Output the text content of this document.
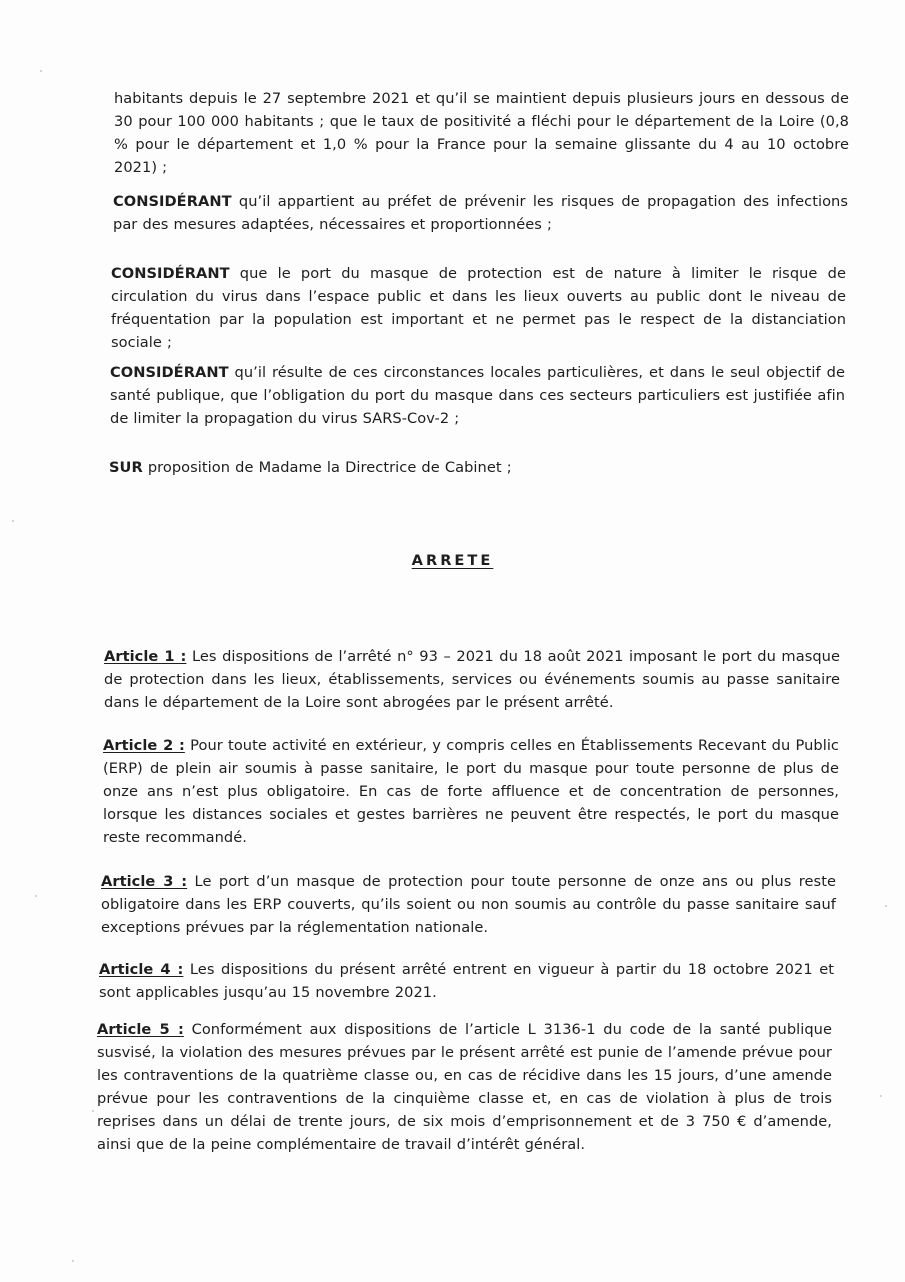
habitants depuis le 27 septembre 2021 et qu’il se maintient depuis plusieurs jours en dessous de 30 pour 100 000 habitants ; que le taux de positivité a fléchi pour le département de la Loire (0,8 % pour le département et 1,0 % pour la France pour la semaine glissante du 4 au 10 octobre 2021) ;

CONSIDÉRANT qu’il appartient au préfet de prévenir les risques de propagation des infections par des mesures adaptées, nécessaires et proportionnées ;

CONSIDÉRANT que le port du masque de protection est de nature à limiter le risque de circulation du virus dans l’espace public et dans les lieux ouverts au public dont le niveau de fréquentation par la population est important et ne permet pas le respect de la distanciation sociale ;

CONSIDÉRANT qu’il résulte de ces circonstances locales particulières, et dans le seul objectif de santé publique, que l’obligation du port du masque dans ces secteurs particuliers est justifiée afin de limiter la propagation du virus SARS-Cov-2 ;

SUR proposition de Madame la Directrice de Cabinet ;

ARRETE

Article 1 : Les dispositions de l’arrêté n° 93 – 2021 du 18 août 2021 imposant le port du masque de protection dans les lieux, établissements, services ou événements soumis au passe sanitaire dans le département de la Loire sont abrogées par le présent arrêté.

Article 2 : Pour toute activité en extérieur, y compris celles en Établissements Recevant du Public (ERP) de plein air soumis à passe sanitaire, le port du masque pour toute personne de plus de onze ans n’est plus obligatoire. En cas de forte affluence et de concentration de personnes, lorsque les distances sociales et gestes barrières ne peuvent être respectés, le port du masque reste recommandé.

Article 3 : Le port d’un masque de protection pour toute personne de onze ans ou plus reste obligatoire dans les ERP couverts, qu’ils soient ou non soumis au contrôle du passe sanitaire sauf exceptions prévues par la réglementation nationale.

Article 4 : Les dispositions du présent arrêté entrent en vigueur à partir du 18 octobre 2021 et sont applicables jusqu’au 15 novembre 2021.

Article 5 : Conformément aux dispositions de l’article L 3136-1 du code de la santé publique susvisé, la violation des mesures prévues par le présent arrêté est punie de l’amende prévue pour les contraventions de la quatrième classe ou, en cas de récidive dans les 15 jours, d’une amende prévue pour les contraventions de la cinquième classe et, en cas de violation à plus de trois reprises dans un délai de trente jours, de six mois d’emprisonnement et de 3 750 € d’amende, ainsi que de la peine complémentaire de travail d’intérêt général.
